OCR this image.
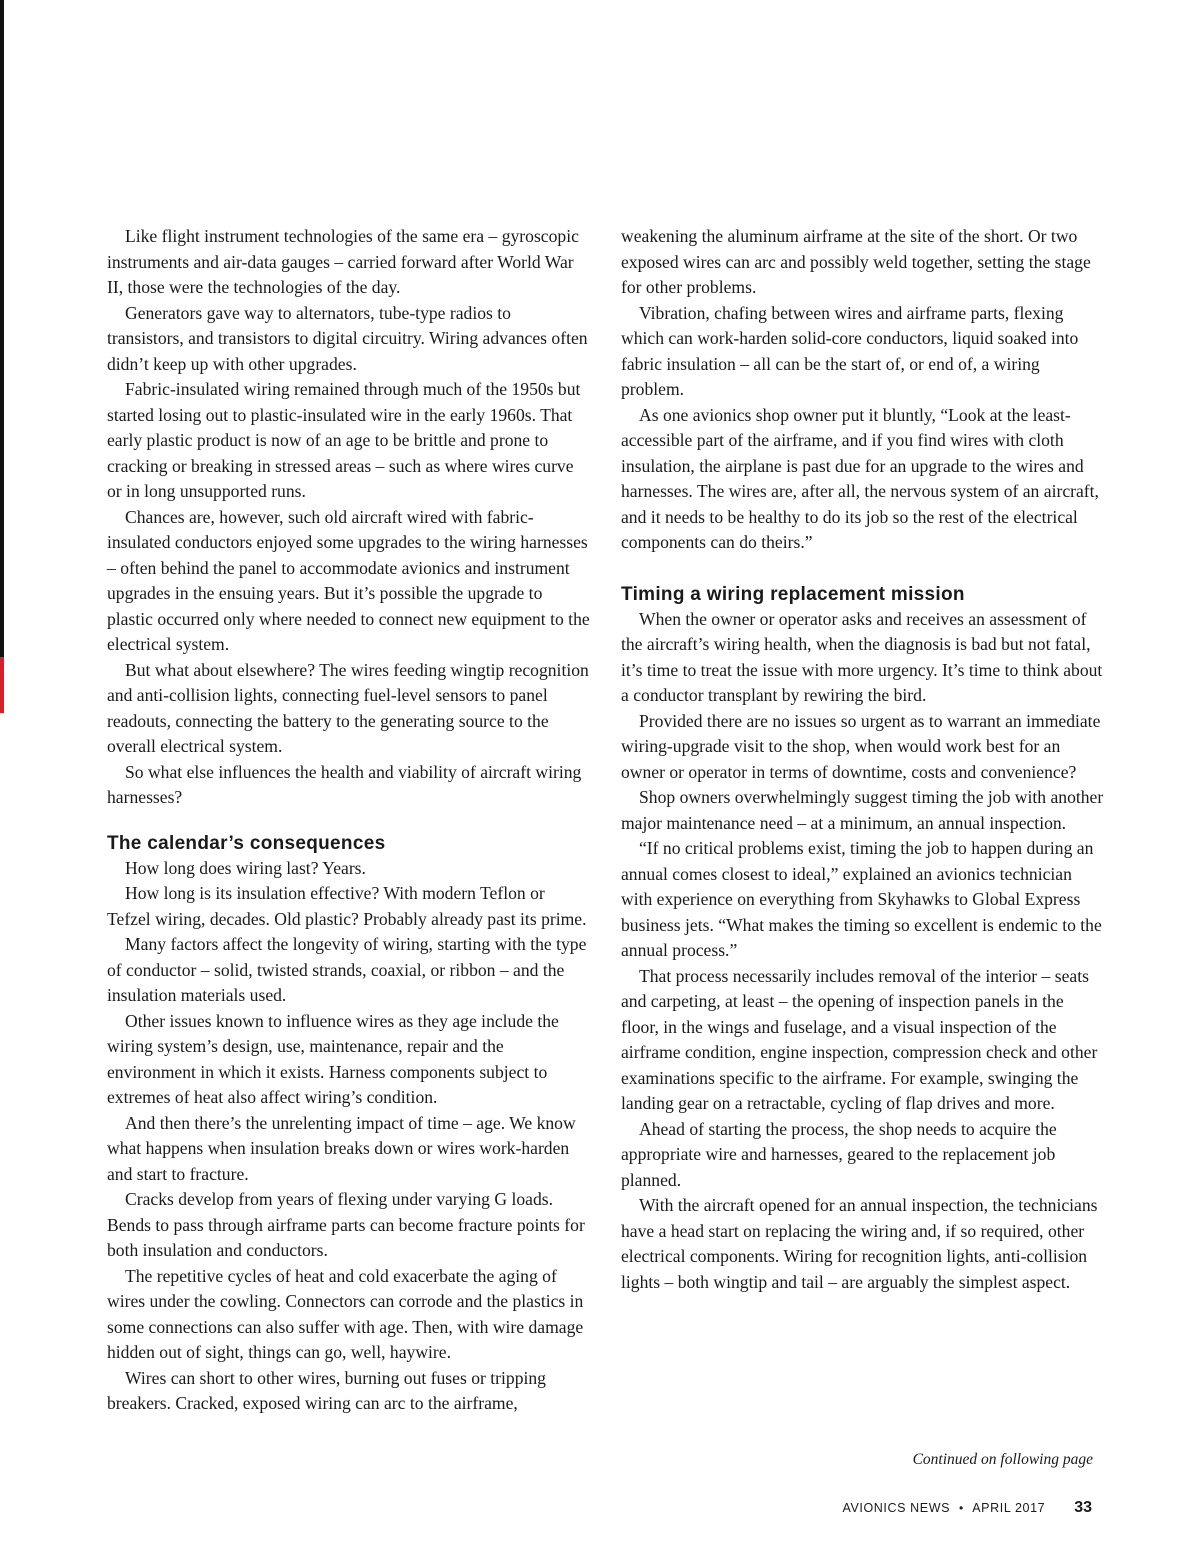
Like flight instrument technologies of the same era – gyroscopic instruments and air-data gauges – carried forward after World War II, those were the technologies of the day.

Generators gave way to alternators, tube-type radios to transistors, and transistors to digital circuitry. Wiring advances often didn’t keep up with other upgrades.

Fabric-insulated wiring remained through much of the 1950s but started losing out to plastic-insulated wire in the early 1960s. That early plastic product is now of an age to be brittle and prone to cracking or breaking in stressed areas – such as where wires curve or in long unsupported runs.

Chances are, however, such old aircraft wired with fabric-insulated conductors enjoyed some upgrades to the wiring harnesses – often behind the panel to accommodate avionics and instrument upgrades in the ensuing years. But it’s possible the upgrade to plastic occurred only where needed to connect new equipment to the electrical system.

But what about elsewhere? The wires feeding wingtip recognition and anti-collision lights, connecting fuel-level sensors to panel readouts, connecting the battery to the generating source to the overall electrical system.

So what else influences the health and viability of aircraft wiring harnesses?

The calendar’s consequences

How long does wiring last? Years.

How long is its insulation effective? With modern Teflon or Tefzel wiring, decades. Old plastic? Probably already past its prime.

Many factors affect the longevity of wiring, starting with the type of conductor – solid, twisted strands, coaxial, or ribbon – and the insulation materials used.

Other issues known to influence wires as they age include the wiring system’s design, use, maintenance, repair and the environment in which it exists. Harness components subject to extremes of heat also affect wiring’s condition.

And then there’s the unrelenting impact of time – age. We know what happens when insulation breaks down or wires work-harden and start to fracture.

Cracks develop from years of flexing under varying G loads. Bends to pass through airframe parts can become fracture points for both insulation and conductors.

The repetitive cycles of heat and cold exacerbate the aging of wires under the cowling. Connectors can corrode and the plastics in some connections can also suffer with age. Then, with wire damage hidden out of sight, things can go, well, haywire.

Wires can short to other wires, burning out fuses or tripping breakers. Cracked, exposed wiring can arc to the airframe,

weakening the aluminum airframe at the site of the short. Or two exposed wires can arc and possibly weld together, setting the stage for other problems.

Vibration, chafing between wires and airframe parts, flexing which can work-harden solid-core conductors, liquid soaked into fabric insulation – all can be the start of, or end of, a wiring problem.

As one avionics shop owner put it bluntly, “Look at the least-accessible part of the airframe, and if you find wires with cloth insulation, the airplane is past due for an upgrade to the wires and harnesses. The wires are, after all, the nervous system of an aircraft, and it needs to be healthy to do its job so the rest of the electrical components can do theirs.”

Timing a wiring replacement mission

When the owner or operator asks and receives an assessment of the aircraft’s wiring health, when the diagnosis is bad but not fatal, it’s time to treat the issue with more urgency. It’s time to think about a conductor transplant by rewiring the bird.

Provided there are no issues so urgent as to warrant an immediate wiring-upgrade visit to the shop, when would work best for an owner or operator in terms of downtime, costs and convenience?

Shop owners overwhelmingly suggest timing the job with another major maintenance need – at a minimum, an annual inspection.

“If no critical problems exist, timing the job to happen during an annual comes closest to ideal,” explained an avionics technician with experience on everything from Skyhawks to Global Express business jets. “What makes the timing so excellent is endemic to the annual process.”

That process necessarily includes removal of the interior – seats and carpeting, at least – the opening of inspection panels in the floor, in the wings and fuselage, and a visual inspection of the airframe condition, engine inspection, compression check and other examinations specific to the airframe. For example, swinging the landing gear on a retractable, cycling of flap drives and more.

Ahead of starting the process, the shop needs to acquire the appropriate wire and harnesses, geared to the replacement job planned.

With the aircraft opened for an annual inspection, the technicians have a head start on replacing the wiring and, if so required, other electrical components. Wiring for recognition lights, anti-collision lights – both wingtip and tail – are arguably the simplest aspect.

Continued on following page
AVIONICS NEWS • APRIL 2017 33
